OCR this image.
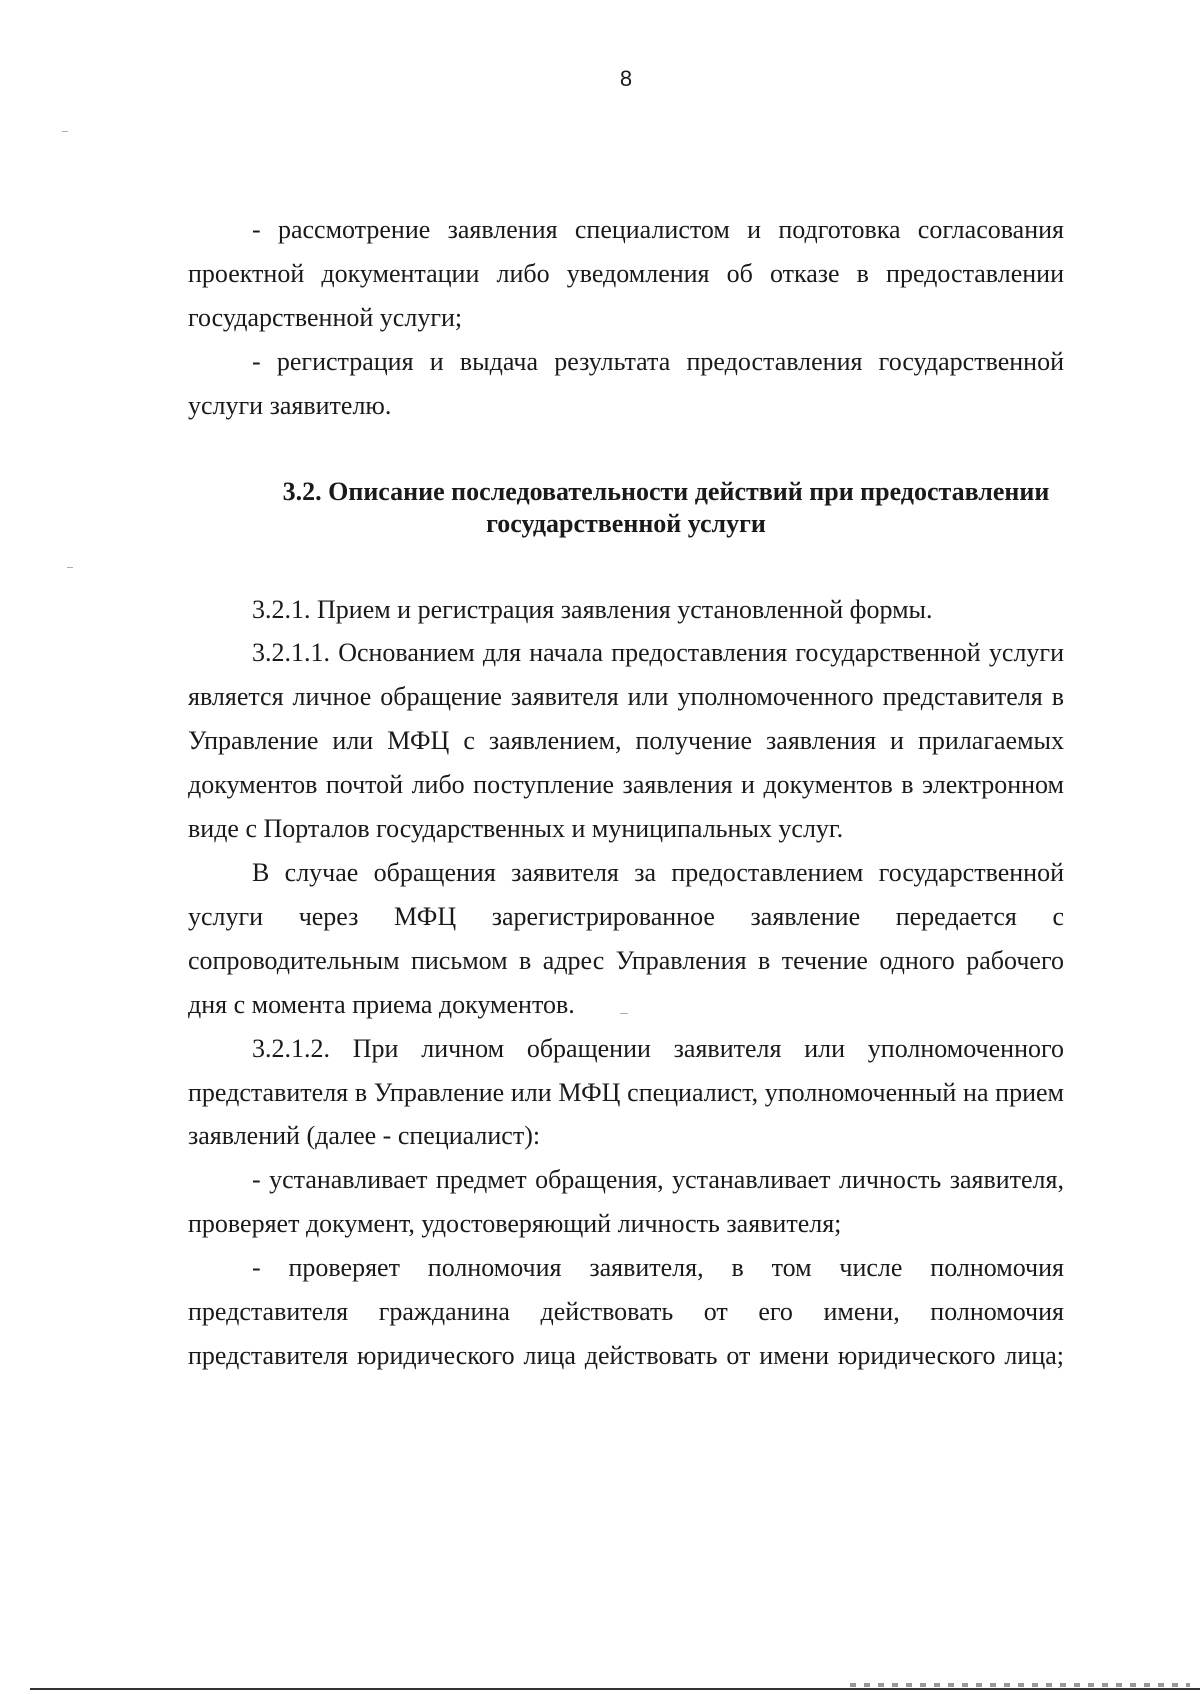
8

- рассмотрение заявления специалистом и подготовка согласования проектной документации либо уведомления об отказе в предоставлении государственной услуги;

- регистрация и выдача результата предоставления государственной услуги заявителю.

3.2. Описание последовательности действий при предоставлении
государственной услуги

3.2.1. Прием и регистрация заявления установленной формы.

3.2.1.1. Основанием для начала предоставления государственной услуги является личное обращение заявителя или уполномоченного представителя в Управление или МФЦ с заявлением, получение заявления и прилагаемых документов почтой либо поступление заявления и документов в электронном виде с Порталов государственных и муниципальных услуг.

В случае обращения заявителя за предоставлением государственной услуги через МФЦ зарегистрированное заявление передается с сопроводительным письмом в адрес Управления в течение одного рабочего дня с момента приема документов.

3.2.1.2. При личном обращении заявителя или уполномоченного представителя в Управление или МФЦ специалист, уполномоченный на прием заявлений (далее - специалист):

- устанавливает предмет обращения, устанавливает личность заявителя, проверяет документ, удостоверяющий личность заявителя;

- проверяет полномочия заявителя, в том числе полномочия представителя гражданина действовать от его имени, полномочия представителя юридического лица действовать от имени юридического лица;
